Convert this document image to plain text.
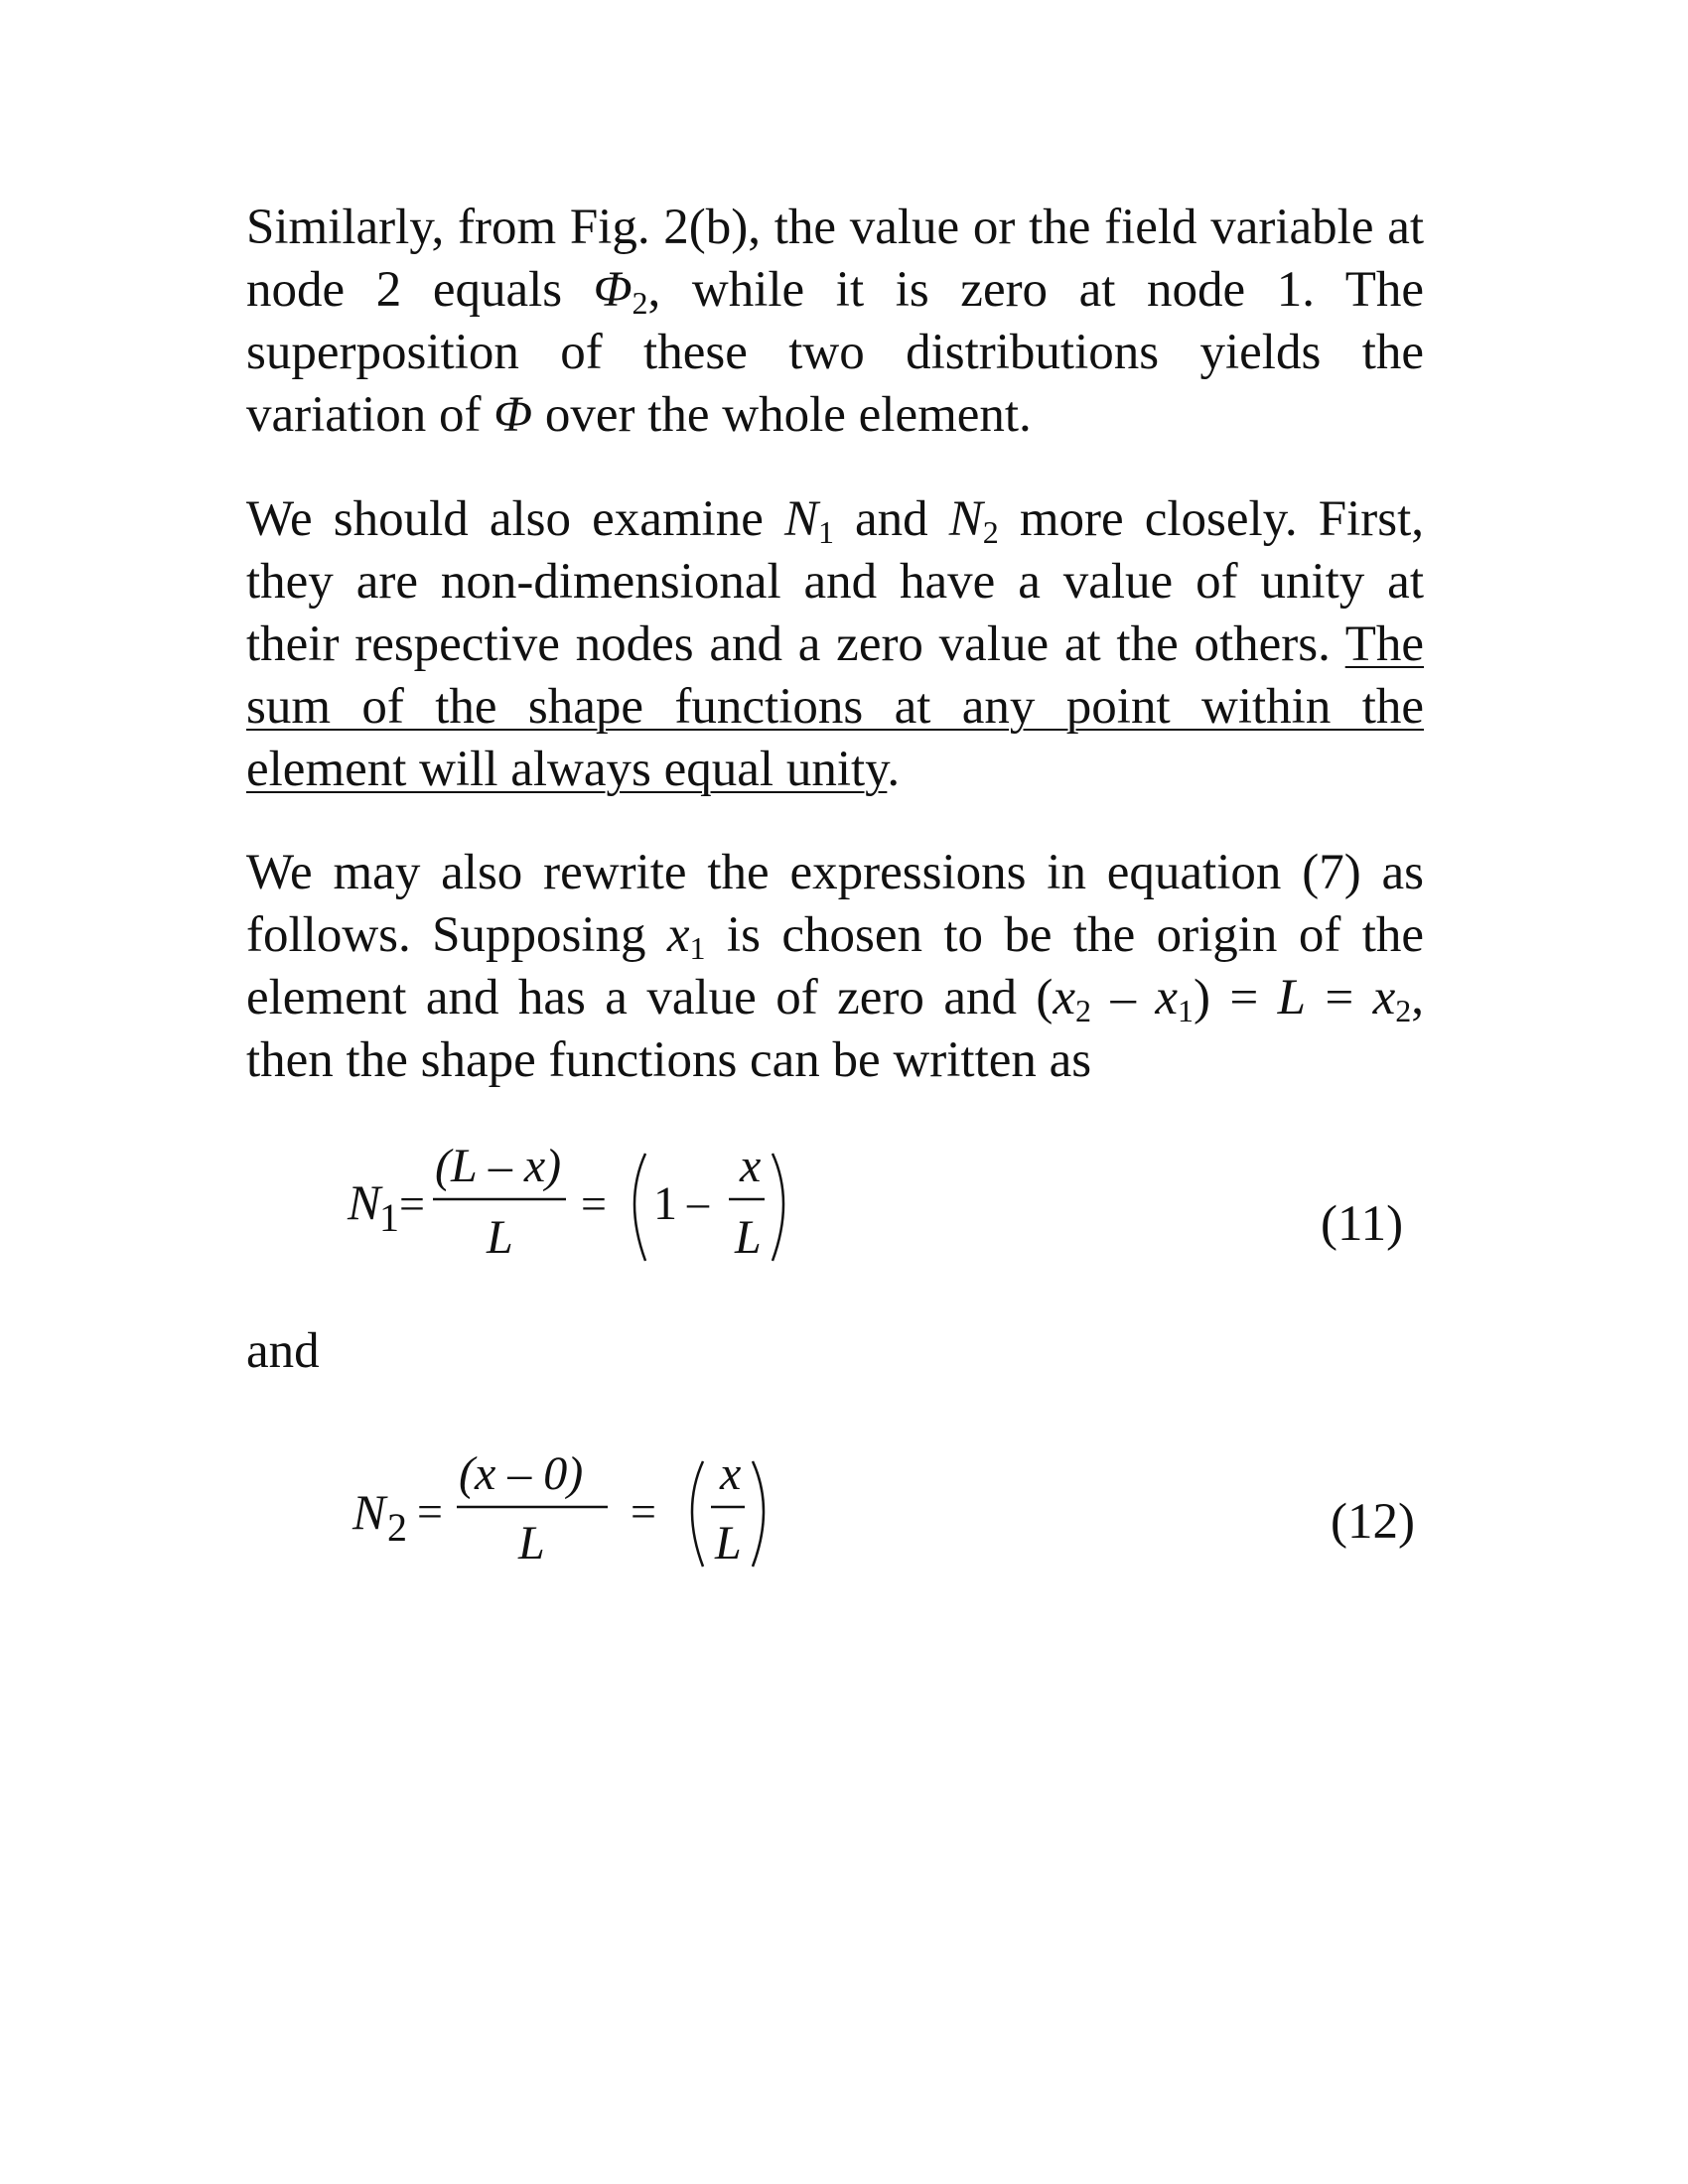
Similarly, from Fig. 2(b), the value or the field variable at node 2 equals $\Phi_2$, while it is zero at node 1. The superposition of these two distributions yields the variation of Φ over the whole element.

We should also examine $N_1$ and $N_2$ more closely. First, they are non-dimensional and have a value of unity at their respective nodes and a zero value at the others. The sum of the shape functions at any point within the element will always equal unity.

We may also rewrite the expressions in equation (7) as follows. Supposing $x_1$ is chosen to be the origin of the element and has a value of zero and $(x_2 - x_1) = L = x_2$, then the shape functions can be written as

N
1 =
(L – x)
L
= 1 –
x
L	(11)

and

N 2 =
(x – 0)
L
=
x
L	(12)
